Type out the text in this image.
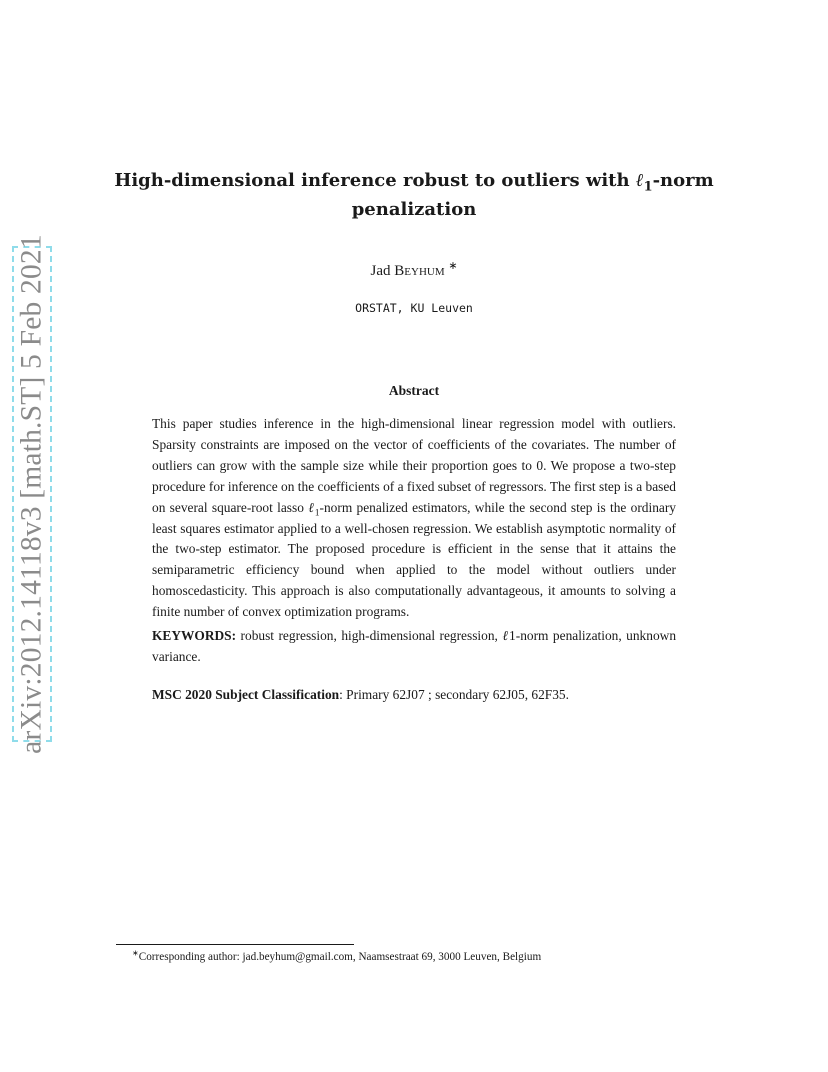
arXiv:2012.14118v3 [math.ST] 5 Feb 2021
High-dimensional inference robust to outliers with ℓ$_1$-norm penalization
Jad Beyhum ∗
ORSTAT, KU Leuven
Abstract

This paper studies inference in the high-dimensional linear regression model with outliers. Sparsity constraints are imposed on the vector of coefficients of the covariates. The number of outliers can grow with the sample size while their proportion goes to 0. We propose a two-step procedure for inference on the coefficients of a fixed subset of regressors. The first step is a based on several square-root lasso ℓ$_1$-norm penalized estimators, while the second step is the ordinary least squares estimator applied to a well-chosen regression. We establish asymptotic normality of the two-step estimator. The proposed procedure is efficient in the sense that it attains the semiparametric efficiency bound when applied to the model without outliers under homoscedasticity. This approach is also computationally advantageous, it amounts to solving a finite number of convex optimization programs.

KEYWORDS: robust regression, high-dimensional regression, ℓ1-norm penalization, unknown variance.

MSC 2020 Subject Classification: Primary 62J07 ; secondary 62J05, 62F35.

∗Corresponding author: jad.beyhum@gmail.com, Naamsestraat 69, 3000 Leuven, Belgium
